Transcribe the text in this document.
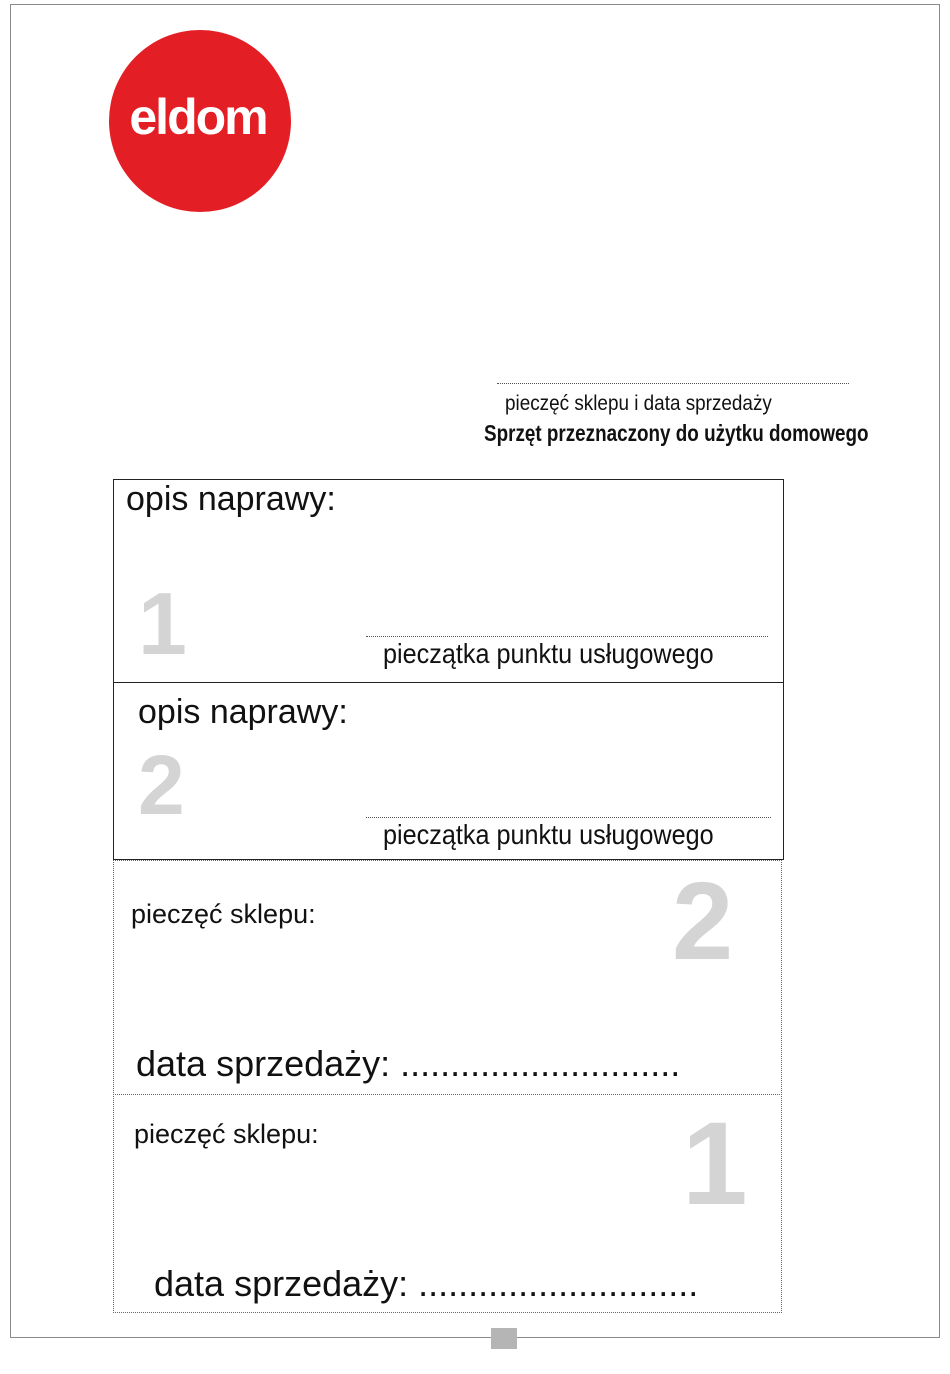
eldom
pieczęć sklepu i data sprzedaży
Sprzęt przeznaczony do użytku domowego
opis naprawy:
1	pieczątka punktu usługowego
opis naprawy:
2
pieczątka punktu usługowego
pieczęć sklepu:	2
data sprzedaży: ............................
pieczęć sklepu:	1
data sprzedaży: ............................
